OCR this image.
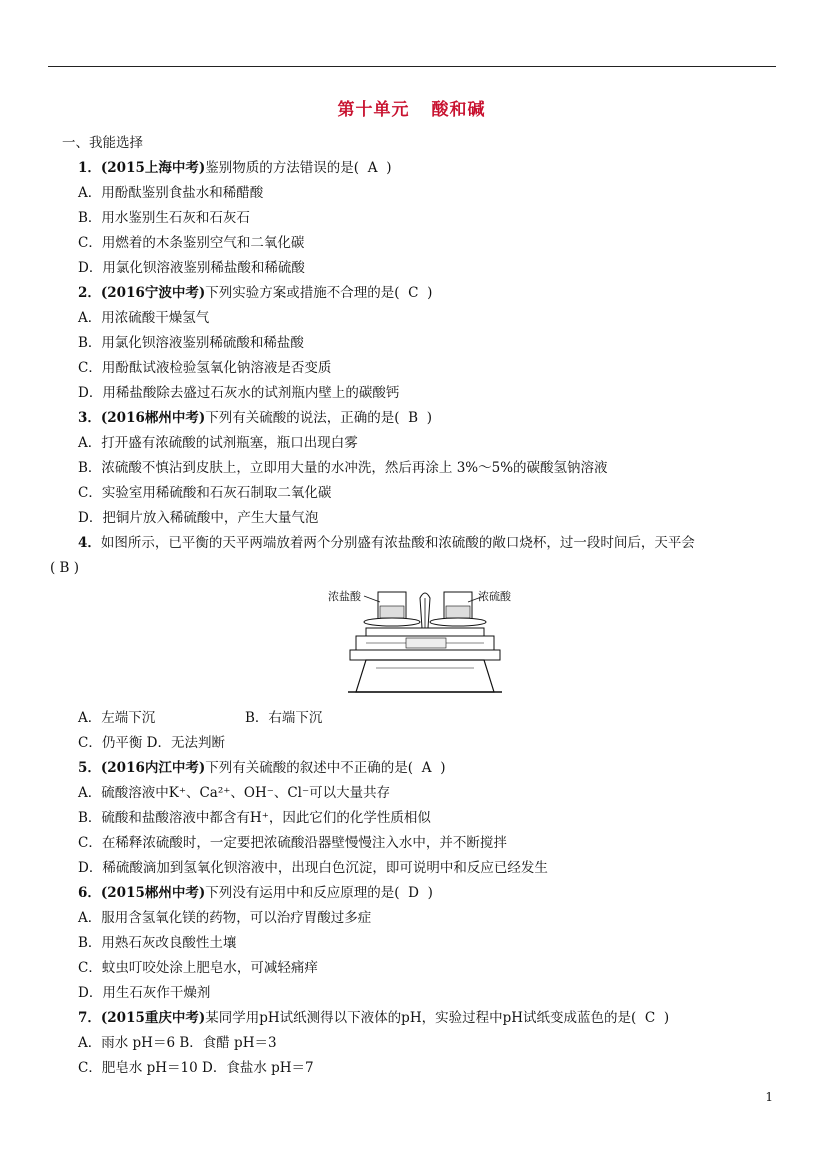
第十单元 酸和碱
一、我能选择
1．(2015上海中考)鉴别物质的方法错误的是( A )
A．用酚酞鉴别食盐水和稀醋酸
B．用水鉴别生石灰和石灰石
C．用燃着的木条鉴别空气和二氧化碳
D．用氯化钡溶液鉴别稀盐酸和稀硫酸
2．(2016宁波中考)下列实验方案或措施不合理的是( C )
A．用浓硫酸干燥氢气
B．用氯化钡溶液鉴别稀硫酸和稀盐酸
C．用酚酞试液检验氢氧化钠溶液是否变质
D．用稀盐酸除去盛过石灰水的试剂瓶内壁上的碳酸钙
3．(2016郴州中考)下列有关硫酸的说法，正确的是( B )
A．打开盛有浓硫酸的试剂瓶塞，瓶口出现白雾
B．浓硫酸不慎沾到皮肤上，立即用大量的水冲洗，然后再涂上 3%～5%的碳酸氢钠溶液
C．实验室用稀硫酸和石灰石制取二氧化碳
D．把铜片放入稀硫酸中，产生大量气泡
4．如图所示，已平衡的天平两端放着两个分别盛有浓盐酸和浓硫酸的敞口烧杯，过一段时间后，天平会
( B )
浓盐酸	浓硫酸
A．左端下沉	B．右端下沉
C．仍平衡 D．无法判断
5．(2016内江中考)下列有关硫酸的叙述中不正确的是( A )
A．硫酸溶液中K⁺、Ca²⁺、OH⁻、Cl⁻可以大量共存
B．硫酸和盐酸溶液中都含有H⁺，因此它们的化学性质相似
C．在稀释浓硫酸时，一定要把浓硫酸沿器壁慢慢注入水中，并不断搅拌
D．稀硫酸滴加到氢氧化钡溶液中，出现白色沉淀，即可说明中和反应已经发生
6．(2015郴州中考)下列没有运用中和反应原理的是( D )
A．服用含氢氧化镁的药物，可以治疗胃酸过多症
B．用熟石灰改良酸性土壤
C．蚊虫叮咬处涂上肥皂水，可减轻痛痒
D．用生石灰作干燥剂
7．(2015重庆中考)某同学用pH试纸测得以下液体的pH，实验过程中pH试纸变成蓝色的是( C )
A．雨水 pH＝6 B．食醋 pH＝3
C．肥皂水 pH＝10 D．食盐水 pH＝7
1
